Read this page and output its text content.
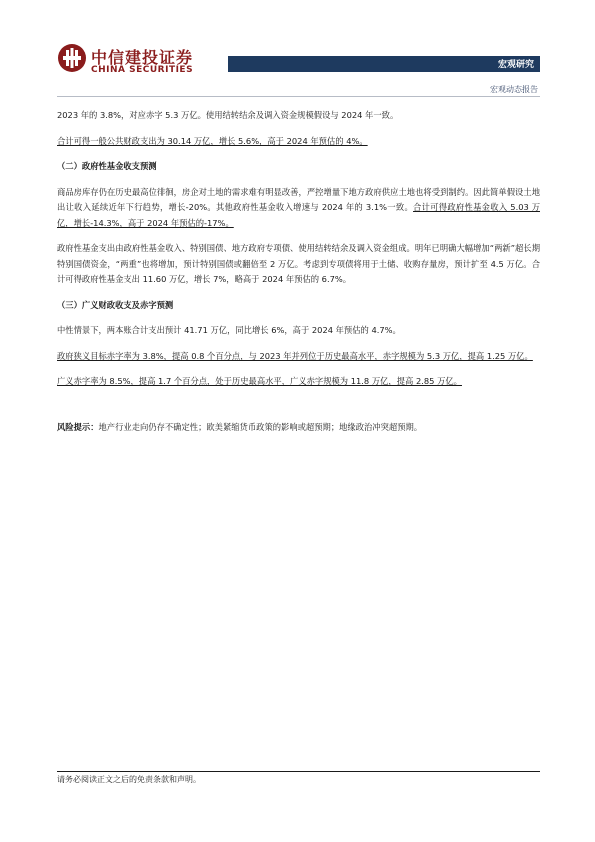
中信建投证券
CHINA SECURITIES	宏观研究
宏观动态报告

2023 年的 3.8%，对应赤字 5.3 万亿。使用结转结余及调入资金规模假设与 2024 年一致。

合计可得一般公共财政支出为 30.14 万亿，增长 5.6%，高于 2024 年预估的 4%。

（二）政府性基金收支预测

商品房库存仍在历史最高位徘徊，房企对土地的需求难有明显改善，严控增量下地方政府供应土地也将受到制约。因此简单假设土地出让收入延续近年下行趋势，增长-20%。其他政府性基金收入增速与 2024 年的 3.1%一致。合计可得政府性基金收入 5.03 万亿，增长-14.3%，高于 2024 年预估的-17%。

政府性基金支出由政府性基金收入、特别国债、地方政府专项债、使用结转结余及调入资金组成。明年已明确大幅增加“两新”超长期特别国债资金，“两重”也将增加，预计特别国债或翻倍至 2 万亿。考虑到专项债将用于土储、收购存量房，预计扩至 4.5 万亿。合计可得政府性基金支出 11.60 万亿，增长 7%，略高于 2024 年预估的 6.7%。

（三）广义财政收支及赤字预测

中性情景下，两本账合计支出预计 41.71 万亿，同比增长 6%，高于 2024 年预估的 4.7%。

政府狭义目标赤字率为 3.8%，提高 0.8 个百分点，与 2023 年并列位于历史最高水平，赤字规模为 5.3 万亿，提高 1.25 万亿。

广义赤字率为 8.5%，提高 1.7 个百分点，处于历史最高水平，广义赤字规模为 11.8 万亿，提高 2.85 万亿。

风险提示：地产行业走向仍存不确定性；欧美紧缩货币政策的影响或超预期；地缘政治冲突超预期。

请务必阅读正文之后的免责条款和声明。
